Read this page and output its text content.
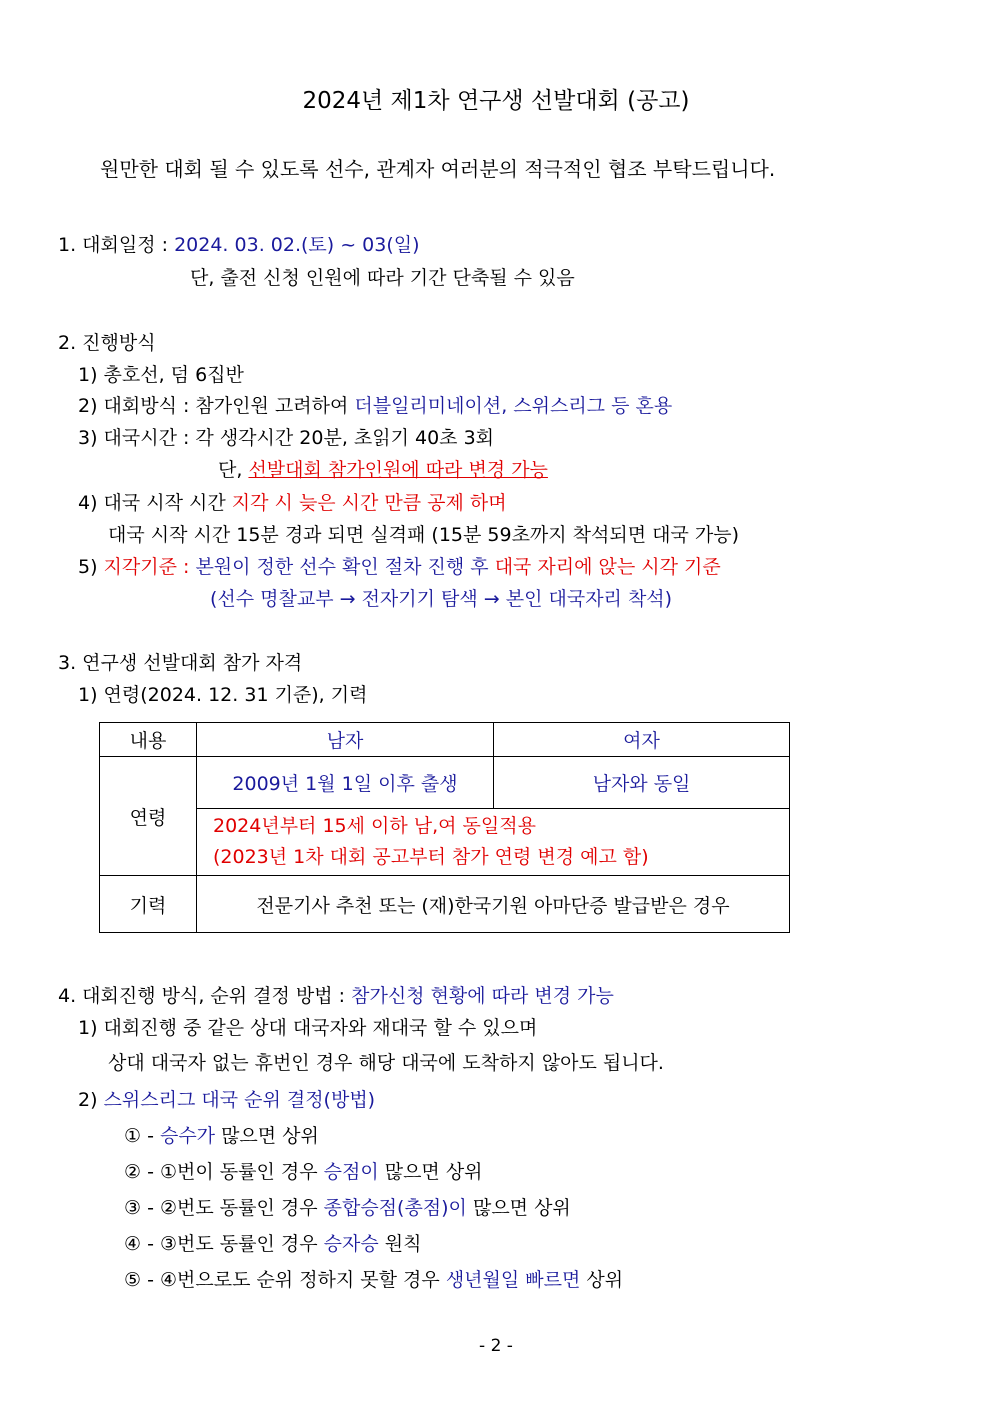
2024년 제1차 연구생 선발대회 (공고)
원만한 대회 될 수 있도록 선수, 관계자 여러분의 적극적인 협조 부탁드립니다.
1. 대회일정 : 2024. 03. 02.(토) ~ 03(일)
단, 출전 신청 인원에 따라 기간 단축될 수 있음
2. 진행방식
1) 총호선, 덤 6집반
2) 대회방식 : 참가인원 고려하여 더블일리미네이션, 스위스리그 등 혼용
3) 대국시간 : 각 생각시간 20분, 초읽기 40초 3회
단, 선발대회 참가인원에 따라 변경 가능
4) 대국 시작 시간 지각 시 늦은 시간 만큼 공제 하며
대국 시작 시간 15분 경과 되면 실격패 (15분 59초까지 착석되면 대국 가능)
5) 지각기준 : 본원이 정한 선수 확인 절차 진행 후 대국 자리에 앉는 시각 기준
(선수 명찰교부 → 전자기기 탐색 → 본인 대국자리 착석)
3. 연구생 선발대회 참가 자격
1) 연령(2024. 12. 31 기준), 기력
내용	남자	여자
연령	2009년 1월 1일 이후 출생	남자와 동일

	2024년부터 15세 이하 남,여 동일적용
(2023년 1차 대회 공고부터 참가 연령 변경 예고 함)	

기력	전문기사 추천 또는 (재)한국기원 아마단증 발급받은 경우	
4. 대회진행 방식, 순위 결정 방법 : 참가신청 현황에 따라 변경 가능
1) 대회진행 중 같은 상대 대국자와 재대국 할 수 있으며
상대 대국자 없는 휴번인 경우 해당 대국에 도착하지 않아도 됩니다.
2) 스위스리그 대국 순위 결정(방법)
① - 승수가 많으면 상위
② - ①번이 동률인 경우 승점이 많으면 상위
③ - ②번도 동률인 경우 종합승점(총점)이 많으면 상위
④ - ③번도 동률인 경우 승자승 원칙
⑤ - ④번으로도 순위 정하지 못할 경우 생년월일 빠르면 상위
- 2 -
